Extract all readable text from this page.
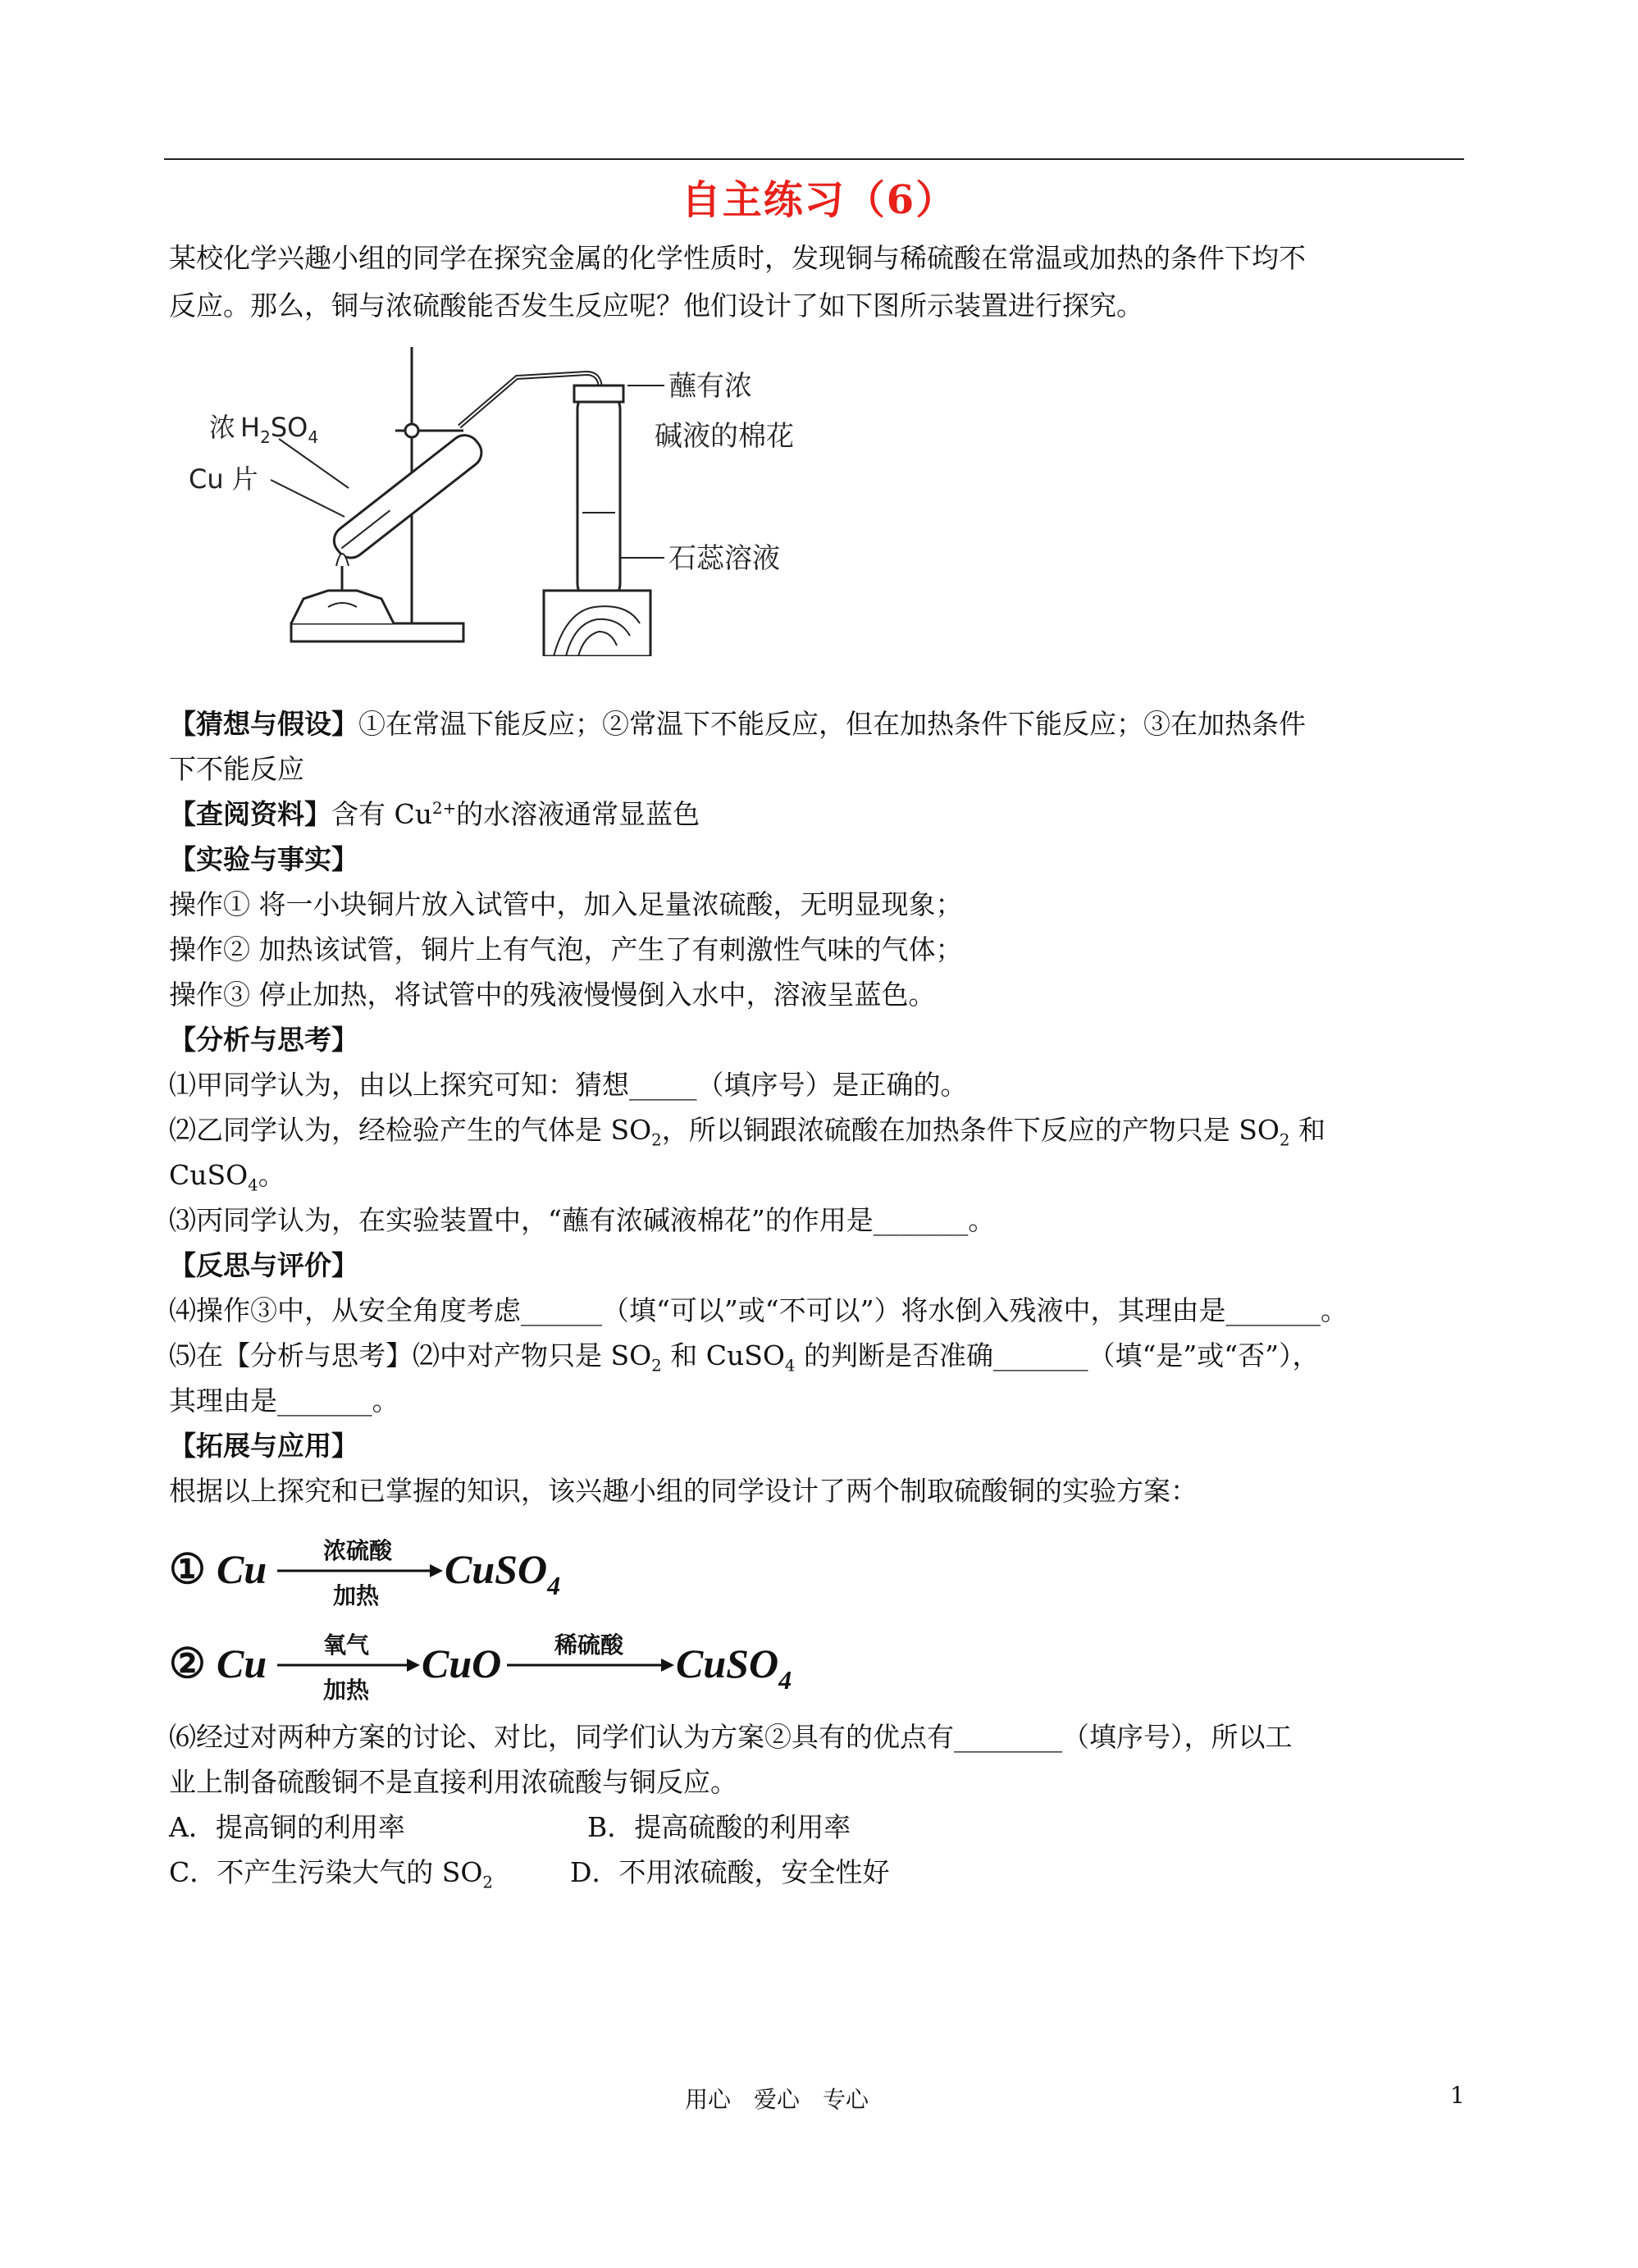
自主练习（6）
某校化学兴趣小组的同学在探究金属的化学性质时，发现铜与稀硫酸在常温或加热的条件下均不
反应。那么，铜与浓硫酸能否发生反应呢？他们设计了如下图所示装置进行探究。
浓 $H_2SO_4$
Cu 片
蘸有浓
碱液的棉花
石蕊溶液
【猜想与假设】①在常温下能反应；②常温下不能反应，但在加热条件下能反应；③在加热条件
下不能反应
【查阅资料】含有 $Cu^{2+}$的水溶液通常显蓝色
【实验与事实】
操作① 将一小块铜片放入试管中，加入足量浓硫酸，无明显现象；
操作② 加热该试管，铜片上有气泡，产生了有刺激性气味的气体；
操作③ 停止加热，将试管中的残液慢慢倒入水中，溶液呈蓝色。
【分析与思考】
⑴甲同学认为，由以上探究可知：猜想_____（填序号）是正确的。
⑵乙同学认为，经检验产生的气体是 $SO_2$，所以铜跟浓硫酸在加热条件下反应的产物只是 $SO_2$ 和
CuSO$_4$。
⑶丙同学认为，在实验装置中，“蘸有浓碱液棉花”的作用是_______。
【反思与评价】
⑷操作③中，从安全角度考虑______（填“可以”或“不可以”）将水倒入残液中，其理由是_______。
⑸在【分析与思考】⑵中对产物只是 $SO_2$ 和 CuSO$_4$ 的判断是否准确_______（填“是”或“否”），
其理由是_______。
【拓展与应用】
根据以上探究和已掌握的知识，该兴趣小组的同学设计了两个制取硫酸铜的实验方案：
① Cu 浓硫酸
加热
CuSO$_4$
② Cu 氧气
加热
CuO 稀硫酸 CuSO$_4$
⑹经过对两种方案的讨论、对比，同学们认为方案②具有的优点有________（填序号），所以工
业上制备硫酸铜不是直接利用浓硫酸与铜反应。
A．提高铜的利用率	B．提高硫酸的利用率
C．不产生污染大气的 $SO_2$	D．不用浓硫酸，安全性好
用心　爱心　专心	1
